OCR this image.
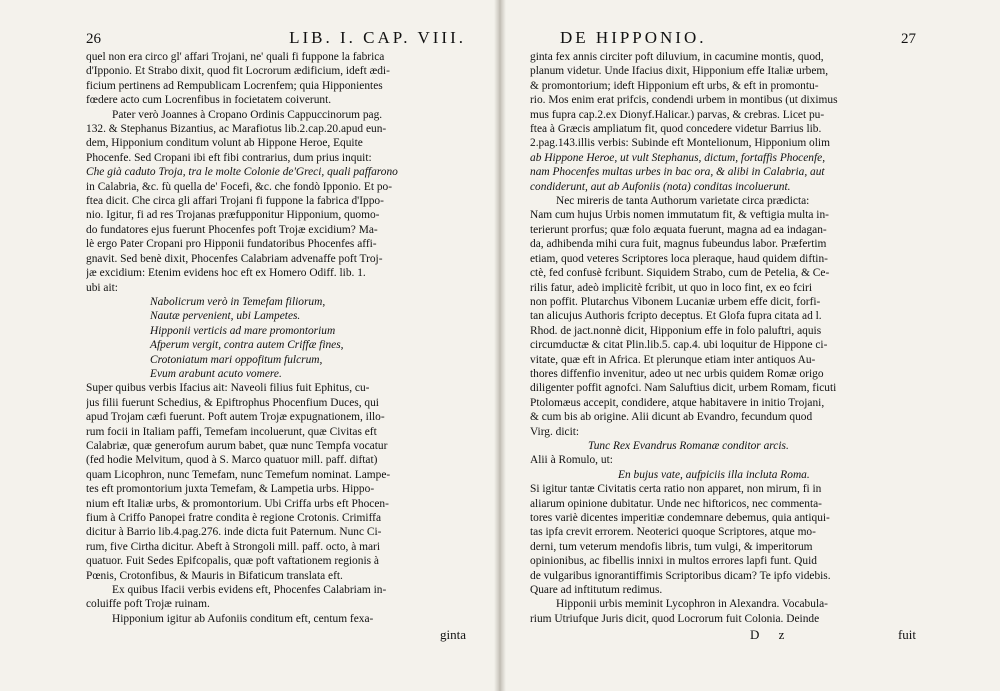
26	LIB. I. CAP. VIII.
quel non era circo gl' affari Trojani, ne' quali fi fuppone la fabrica
d'Ipponio. Et Strabo dixit, quod fit Locrorum ædificium, ideft ædi-
ficium pertinens ad Rempublicam Locrenfem; quia Hipponientes
fœdere acto cum Locrenfibus in focietatem coiverunt.
Pater verò Joannes à Cropano Ordinis Cappuccinorum pag.
132. & Stephanus Bizantius, ac Marafiotus lib.2.cap.20.apud eun-
dem, Hipponium conditum volunt ab Hippone Heroe, Equite
Phocenfe. Sed Cropani ibi eft fibi contrarius, dum prius inquit:
Che già caduto Troja, tra le molte Colonie de'Greci, quali paffarono
in Calabria, &c. fù quella de' Focefi, &c. che fondò Ipponio. Et po-
ftea dicit. Che circa gli affari Trojani fi fuppone la fabrica d'Ippo-
nio. Igitur, fi ad res Trojanas præfupponitur Hipponium, quomo-
do fundatores ejus fuerunt Phocenfes poft Trojæ excidium? Ma-
lè ergo Pater Cropani pro Hipponii fundatoribus Phocenfes affi-
gnavit. Sed benè dixit, Phocenfes Calabriam advenaffe poft Troj-
jæ excidium: Etenim evidens hoc eft ex Homero Odiff. lib. 1.
ubi ait:
Nabolicrum verò in Temefam filiorum,
Nautæ pervenient, ubi Lampetes.
Hipponii verticis ad mare promontorium
Afperum vergit, contra autem Criffæ fines,
Crotoniatum mari oppofitum fulcrum,
Evum arabunt acuto vomere.
Super quibus verbis Ifacius ait: Naveoli filius fuit Ephitus, cu-
jus filii fuerunt Schedius, & Epiftrophus Phocenfium Duces, qui
apud Trojam cæfi fuerunt. Poft autem Trojæ expugnationem, illo-
rum focii in Italiam paffi, Temefam incoluerunt, quæ Civitas eft
Calabriæ, quæ generofum aurum babet, quæ nunc Tempfa vocatur
(fed hodie Melvitum, quod à S. Marco quatuor mill. paff. diftat)
quam Licophron, nunc Temefam, nunc Temefum nominat. Lampe-
tes eft promontorium juxta Temefam, & Lampetia urbs. Hippo-
nium eft Italiæ urbs, & promontorium. Ubi Criffa urbs eft Phocen-
fium à Criffo Panopei fratre condita è regione Crotonis. Crimiffa
dicitur à Barrio lib.4.pag.276. inde dicta fuit Paternum. Nunc Ci-
rum, five Cirtha dicitur. Abeft à Strongoli mill. paff. octo, à mari
quatuor. Fuit Sedes Epifcopalis, quæ poft vaftationem regionis à
Pœnis, Crotonfibus, & Mauris in Bifaticum translata eft.
Ex quibus Ifacii verbis evidens eft, Phocenfes Calabriam in-
coluiffe poft Trojæ ruinam.
Hipponium igitur ab Aufoniis conditum eft, centum fexa-
ginta
DE HIPPONIO.	27
ginta fex annis circiter poft diluvium, in cacumine montis, quod,
planum videtur. Unde Ifacius dixit, Hipponium effe Italiæ urbem,
& promontorium; ideft Hipponium eft urbs, & eft in promontu-
rio. Mos enim erat prifcis, condendi urbem in montibus (ut diximus
mus fupra cap.2.ex Dionyf.Halicar.) parvas, & crebras. Licet pu-
ftea à Græcis ampliatum fit, quod concedere videtur Barrius lib.
2.pag.143.illis verbis: Subinde eft Montelionum, Hipponium olim
ab Hippone Heroe, ut vult Stephanus, dictum, fortaffis Phocenfe,
nam Phocenfes multas urbes in bac ora, & alibi in Calabria, aut
condiderunt, aut ab Aufoniis (nota) conditas incoluerunt.
Nec mireris de tanta Authorum varietate circa prædicta:
Nam cum hujus Urbis nomen immutatum fit, & veftigia multa in-
terierunt prorfus; quæ folo æquata fuerunt, magna ad ea indagan-
da, adhibenda mihi cura fuit, magnus fubeundus labor. Præfertim
etiam, quod veteres Scriptores loca pleraque, haud quidem diftin-
ctè, fed confusè fcribunt. Siquidem Strabo, cum de Petelia, & Ce-
rilis fatur, adeò implicitè fcribit, ut quo in loco fint, ex eo fciri
non poffit. Plutarchus Vibonem Lucaniæ urbem effe dicit, forfi-
tan alicujus Authoris fcripto deceptus. Et Glofa fupra citata ad l.
Rhod. de jact.nonnè dicit, Hipponium effe in folo paluftri, aquis
circumductæ & citat Plin.lib.5. cap.4. ubi loquitur de Hippone ci-
vitate, quæ eft in Africa. Et plerunque etiam inter antiquos Au-
thores diffenfio invenitur, adeo ut nec urbis quidem Romæ origo
diligenter poffit agnofci. Nam Saluftius dicit, urbem Romam, ficuti
Ptolomæus accepit, condidere, atque habitavere in initio Trojani,
& cum bis ab origine. Alii dicunt ab Evandro, fecundum quod
Virg. dicit:
Tunc Rex Evandrus Romanæ conditor arcis.
Alii à Romulo, ut:
En bujus vate, aufpiciis illa incluta Roma.
Si igitur tantæ Civitatis certa ratio non apparet, non mirum, fi in
aliarum opinione dubitatur. Unde nec hiftoricos, nec commenta-
tores variè dicentes imperitiæ condemnare debemus, quia antiqui-
tas ipfa crevit errorem. Neoterici quoque Scriptores, atque mo-
derni, tum veterum mendofis libris, tum vulgi, & imperitorum
opinionibus, ac fibellis innixi in multos errores lapfi funt. Quid
de vulgaribus ignorantiffimis Scriptoribus dicam? Te ipfo videbis.
Quare ad inftitutum redimus.
Hipponii urbis meminit Lycophron in Alexandra. Vocabula-
rium Utriufque Juris dicit, quod Locrorum fuit Colonia. Deinde
D z	fuit
